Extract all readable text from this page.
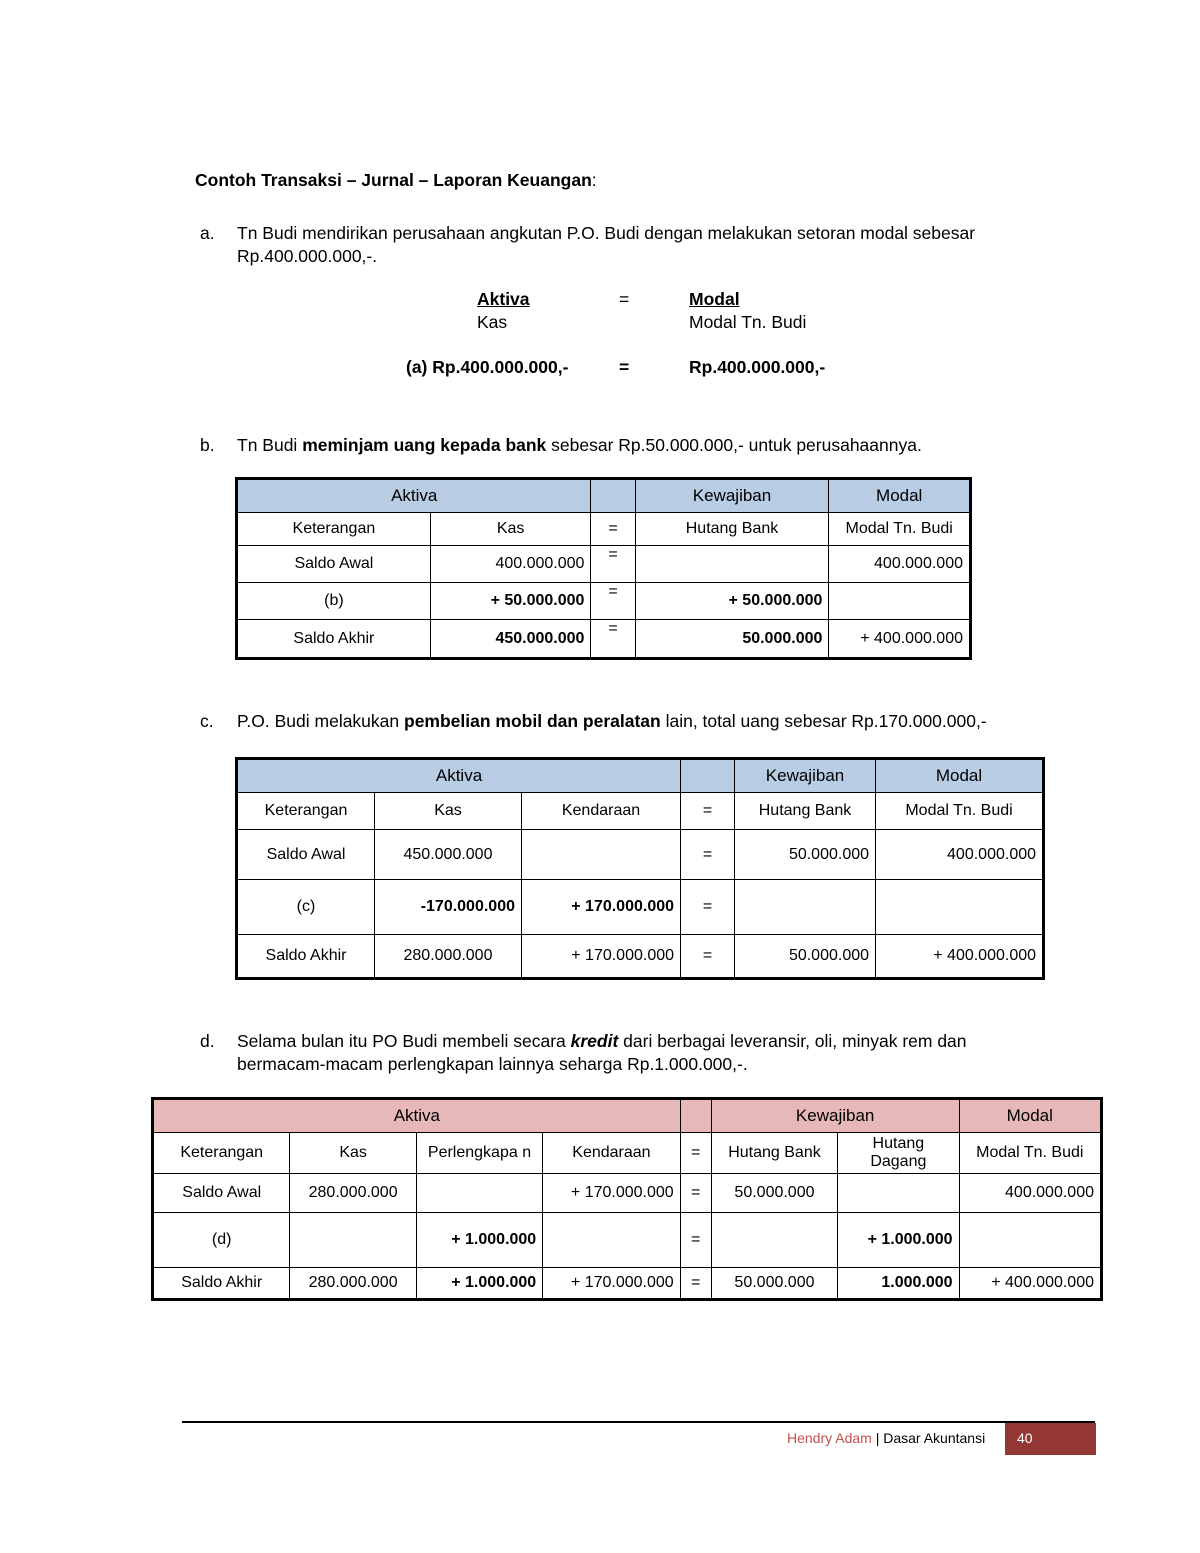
Contoh Transaksi – Jurnal – Laporan Keuangan:
a.	Tn Budi mendirikan perusahaan angkutan P.O. Budi dengan melakukan setoran modal sebesar
Rp.400.000.000,-.
Aktiva	=	Modal
Kas	Modal Tn. Budi
(a) Rp.400.000.000,-	=	Rp.400.000.000,-
b.	Tn Budi meminjam uang kepada bank sebesar Rp.50.000.000,- untuk perusahaannya.
Aktiva			Kewajiban	Modal
Keterangan	Kas	=	Hutang Bank	Modal Tn. Budi
Saldo Awal	400.000.000	=		400.000.000
(b)	+ 50.000.000	=	+ 50.000.000	
Saldo Akhir	450.000.000	=	50.000.000	+ 400.000.000
c.	P.O. Budi melakukan pembelian mobil dan peralatan lain, total uang sebesar Rp.170.000.000,-
Aktiva				Kewajiban	Modal
Keterangan	Kas	Kendaraan	=	Hutang Bank	Modal Tn. Budi
Saldo Awal	450.000.000		=	50.000.000	400.000.000
(c)	-170.000.000	+ 170.000.000	=		
Saldo Akhir	280.000.000	+ 170.000.000	=	50.000.000	+ 400.000.000
d.	Selama bulan itu PO Budi membeli secara kredit dari berbagai leveransir, oli, minyak rem dan
bermacam-macam perlengkapan lainnya seharga Rp.1.000.000,-.
Aktiva					Kewajiban		Modal
Keterangan	Kas	Perlengkapa n	Kendaraan	=	Hutang Bank	Hutang Dagang	Modal Tn. Budi
Saldo Awal	280.000.000		+ 170.000.000	=	50.000.000		400.000.000
(d)		+ 1.000.000		=		+ 1.000.000	
Saldo Akhir	280.000.000	+ 1.000.000	+ 170.000.000	=	50.000.000	1.000.000	+ 400.000.000
Hendry Adam | Dasar Akuntansi 40
